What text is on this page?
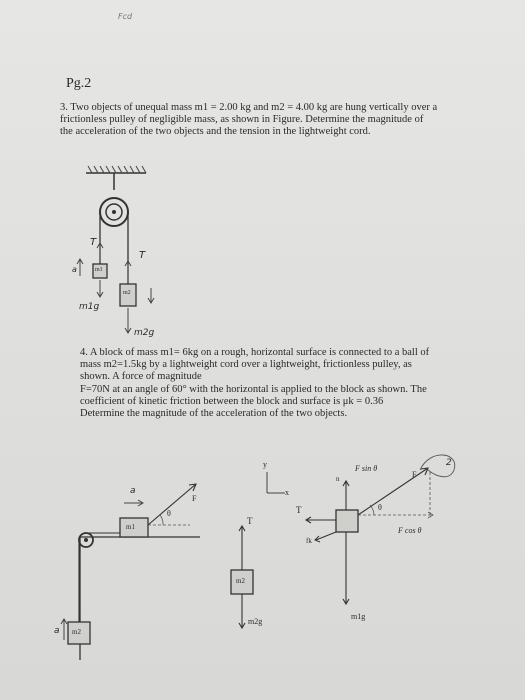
Fcd
Pg.2
3. Two objects of unequal mass m1 = 2.00 kg and m2 = 4.00 kg are hung vertically over a
frictionless pulley of negligible mass, as shown in Figure. Determine the magnitude of
the acceleration of the two objects and the tension in the lightweight cord.
T
T
a	m1
m2
m1g
m2g
4. A block of mass m1= 6kg on a rough, horizontal surface is connected to a ball of
mass m2=1.5kg by a lightweight cord over a lightweight, frictionless pulley, as
shown. A force of magnitude
F=70N at an angle of 60° with the horizontal is applied to the block as shown. The
coefficient of kinetic friction between the block and surface is μk = 0.36
Determine the magnitude of the acceleration of the two objects.
a
F
θ
m1
a m2
y
x
T
m2
m2g
F sin θ
F
n
T
fk
θ
F cos θ
m1g
2
